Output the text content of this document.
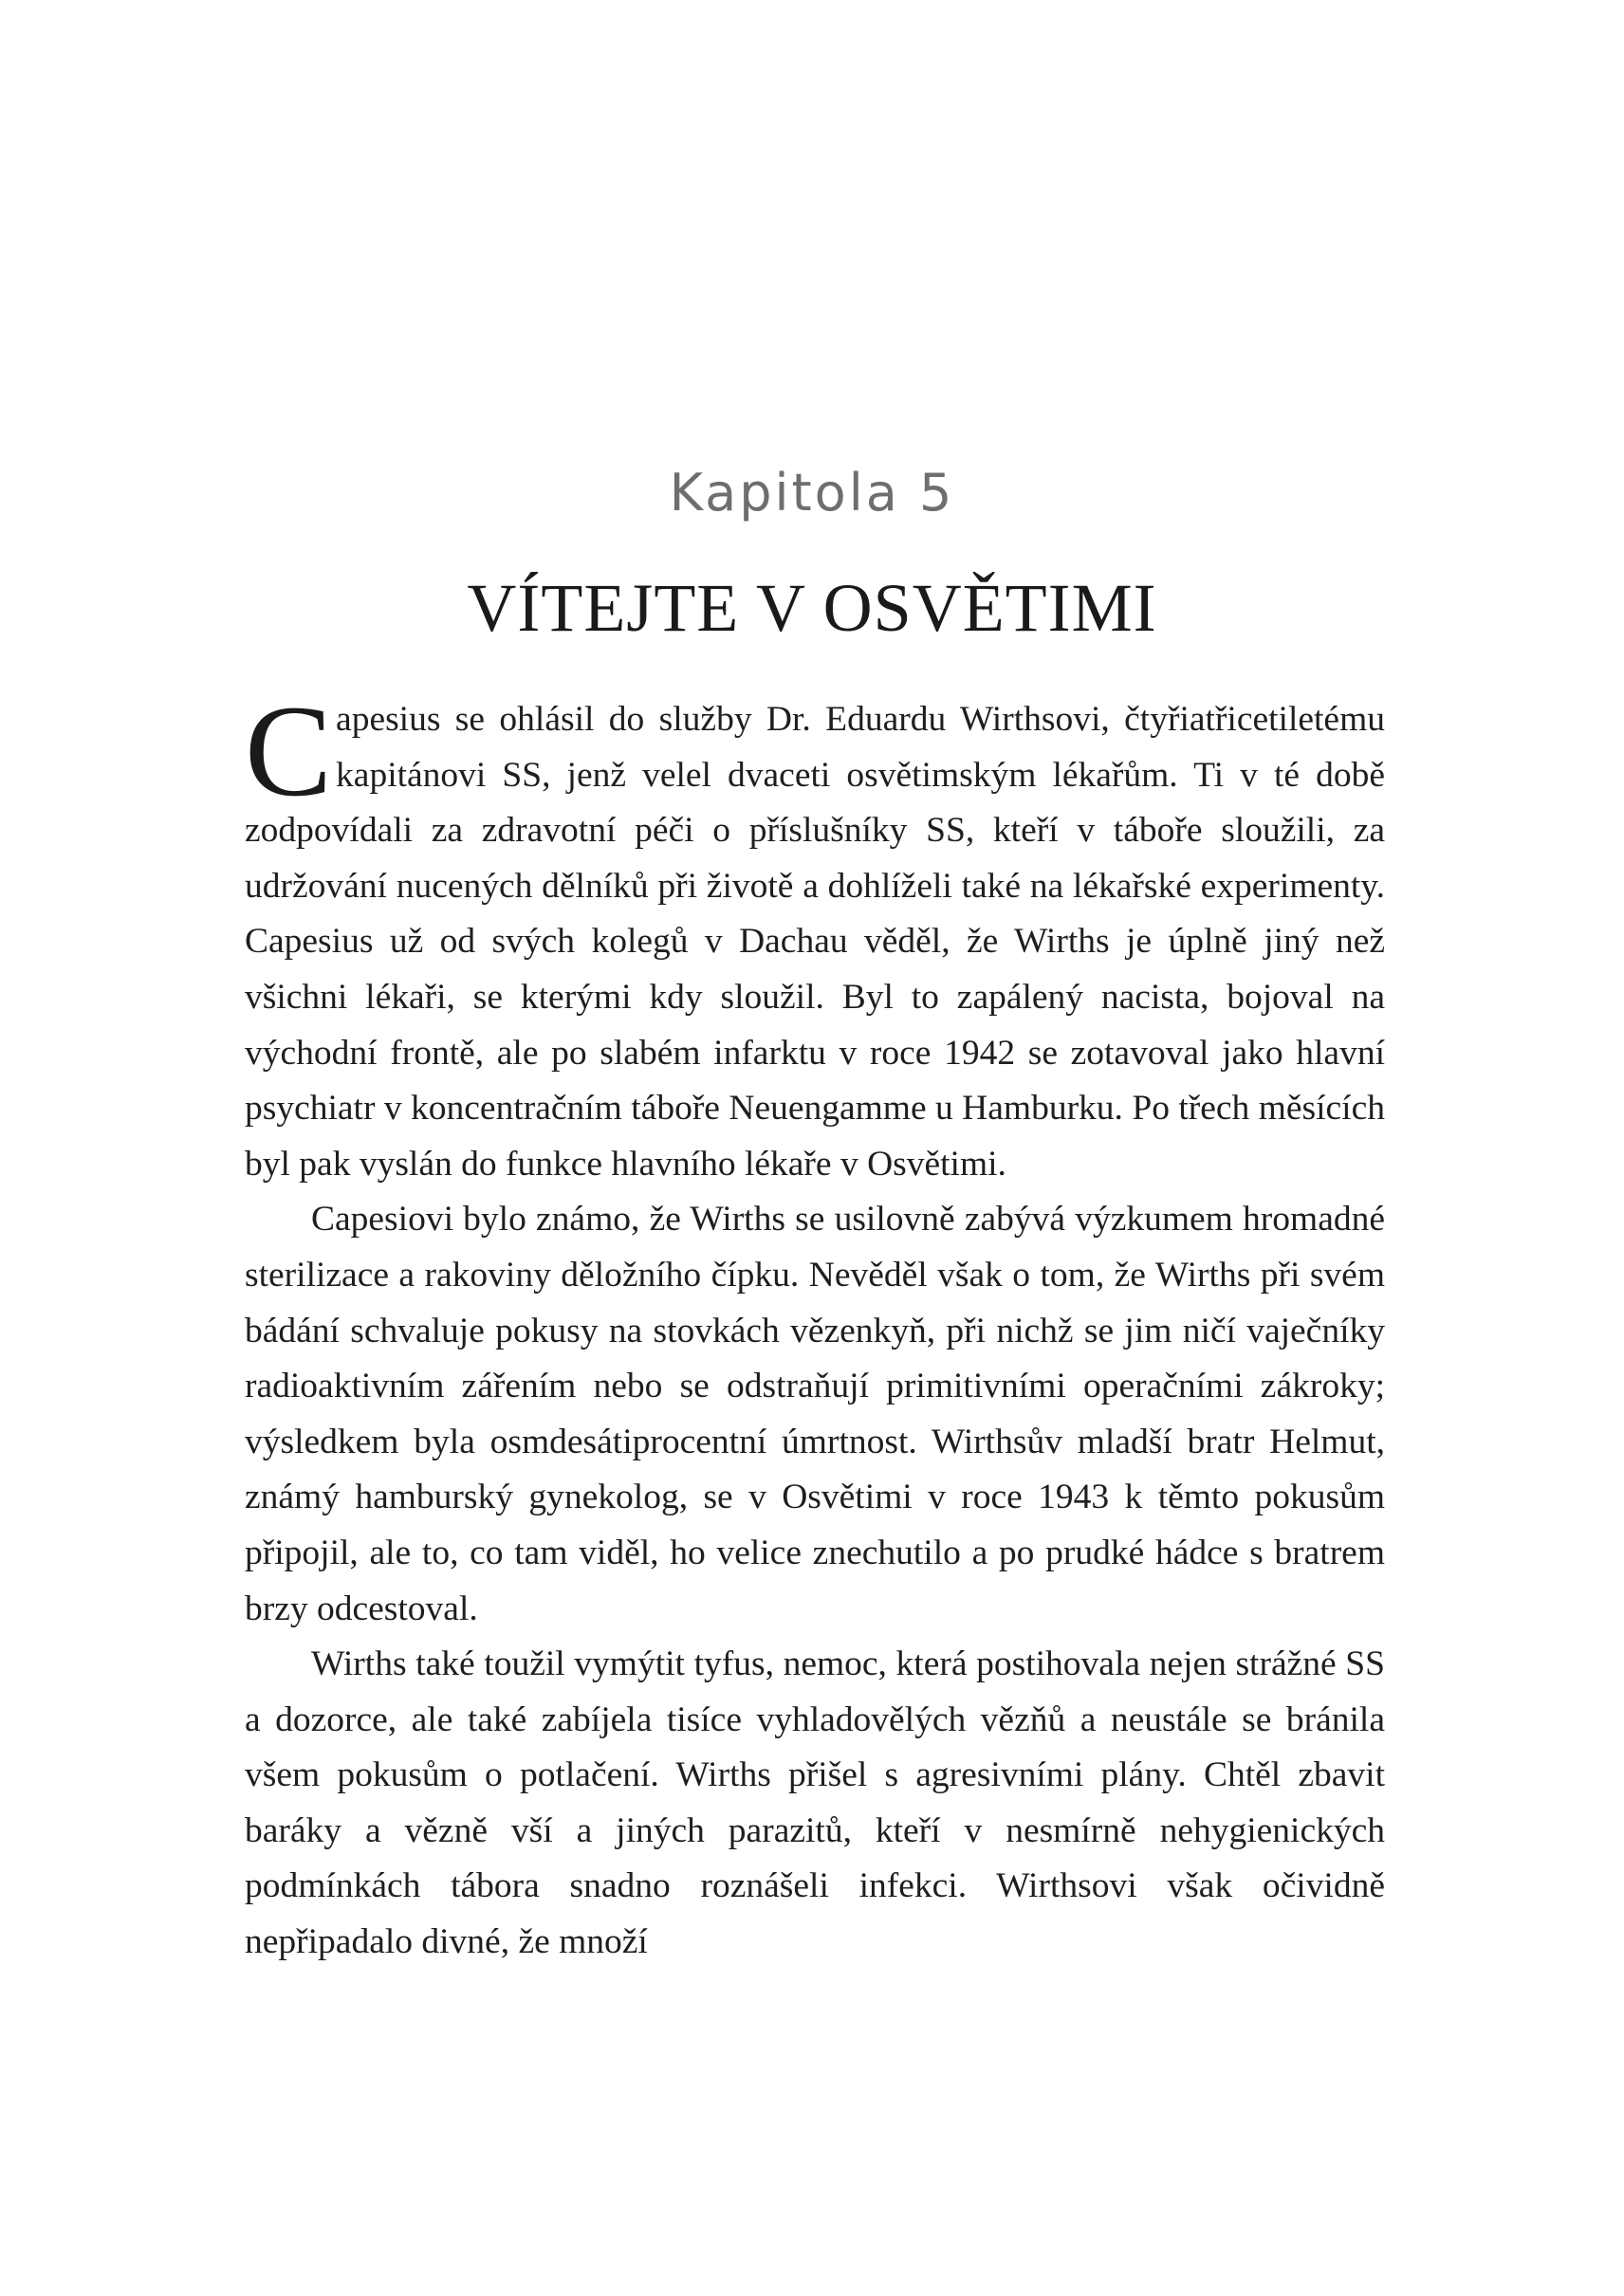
Kapitola 5
VÍTEJTE V OSVĚTIMI

Capesius se ohlásil do služby Dr. Eduardu Wirthsovi, čtyřiatřicetiletému kapitánovi SS, jenž velel dvaceti osvětimským lékařům. Ti v té době zodpovídali za zdravotní péči o příslušníky SS, kteří v táboře sloužili, za udržování nucených dělníků při životě a dohlíželi také na lékařské experimenty. Capesius už od svých kolegů v Dachau věděl, že Wirths je úplně jiný než všichni lékaři, se kterými kdy sloužil. Byl to zapálený nacista, bojoval na východní frontě, ale po slabém infarktu v roce 1942 se zotavoval jako hlavní psychiatr v koncentračním táboře Neuengamme u Hamburku. Po třech měsících byl pak vyslán do funkce hlavního lékaře v Osvětimi.

Capesiovi bylo známo, že Wirths se usilovně zabývá výzkumem hromadné sterilizace a rakoviny děložního čípku. Nevěděl však o tom, že Wirths při svém bádání schvaluje pokusy na stovkách vězenkyň, při nichž se jim ničí vaječníky radioaktivním zářením nebo se odstraňují primitivními operačními zákroky; výsledkem byla osmdesátiprocentní úmrtnost. Wirthsův mladší bratr Helmut, známý hamburský gynekolog, se v Osvětimi v roce 1943 k těmto pokusům připojil, ale to, co tam viděl, ho velice znechutilo a po prudké hádce s bratrem brzy odcestoval.

Wirths také toužil vymýtit tyfus, nemoc, která postihovala nejen strážné SS a dozorce, ale také zabíjela tisíce vyhladovělých vězňů a neustále se bránila všem pokusům o potlačení. Wirths přišel s agresivními plány. Chtěl zbavit baráky a vězně vší a jiných parazitů, kteří v nesmírně nehygienických podmínkách tábora snadno roznášeli infekci. Wirthsovi však očividně nepřipadalo divné, že množí
